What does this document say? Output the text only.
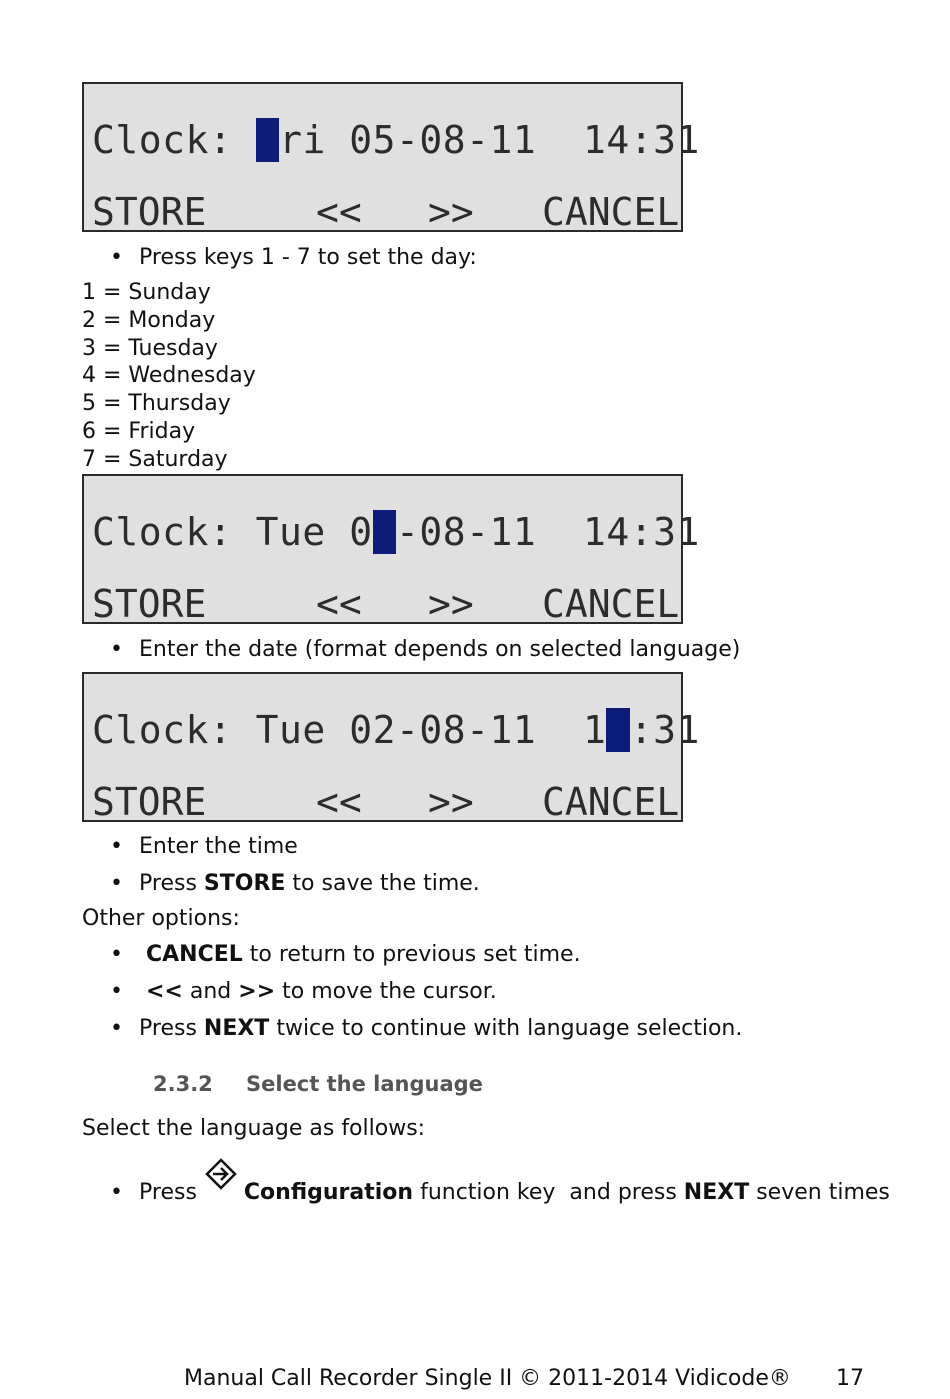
Clock: Fri 05-08-11 14:31
STORE	<< >> CANCEL
• Press keys 1 - 7 to set the day:
1 = Sunday
2 = Monday
3 = Tuesday
4 = Wednesday
5 = Thursday
6 = Friday
7 = Saturday
Clock: Tue 05-08-11 14:31
STORE	<< >> CANCEL
• Enter the date (format depends on selected language)
Clock: Tue 02-08-11 14:31
STORE	<< >> CANCEL
• Enter the time
• Press STORE to save the time.
Other options:
• CANCEL to return to previous set time.
• << and >> to move the cursor.
• Press NEXT twice to continue with language selection.
2.3.2 Select the language
Select the language as follows:
• Press
Configuration function key  and press NEXT seven times
Manual Call Recorder Single II © 2011-2014 Vidicode® 17
